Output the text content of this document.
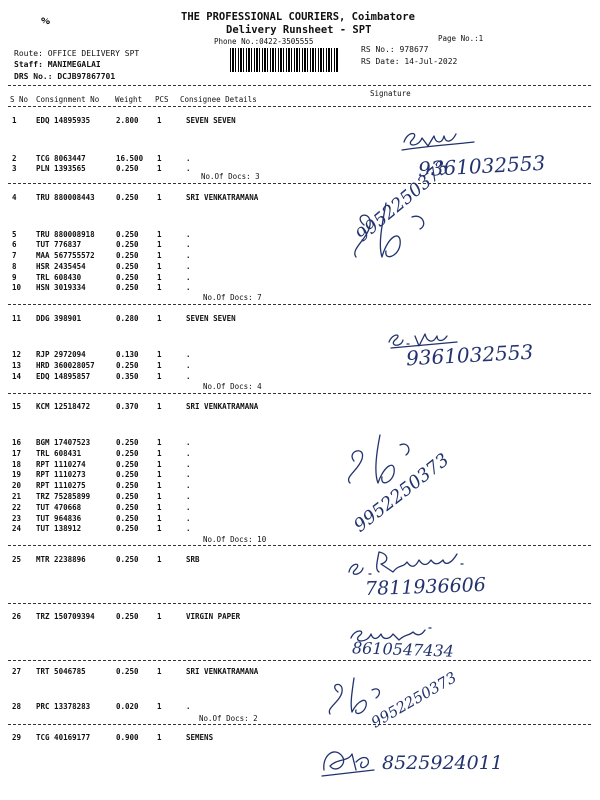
%	THE PROFESSIONAL COURIERS, Coimbatore
Delivery Runsheet - SPT
Phone No.:0422-3505555	Page No.:1
Route: OFFICE DELIVERY SPT
Staff: MANIMEGALAI
DRS No.: DCJB97867701
RS No.: 978677
RS Date: 14-Jul-2022
S No Consignment No Weight PCS Consignee Details
Signature
1	EDQ 14895935	2.800 1	SEVEN SEVEN
2	TCG 8063447	16.500 1	.
3	PLN 1393565	0.250 1	.
4	TRU 880008443	0.250 1	SRI VENKATRAMANA
5	TRU 880008918	0.250 1	.
6	TUT 776837	0.250 1	.
7	MAA 567755572	0.250 1	.
8	HSR 2435454	0.250 1	.
9	TRL 608430	0.250 1	.
10 HSN 3019334	0.250 1	.
11 DDG 398901	0.280 1	SEVEN SEVEN
12 RJP 2972094	0.130 1	.
13 HRD 360028057	0.250 1	.
14 EDQ 14895857	0.350 1	.
15 KCM 12518472	0.370 1	SRI VENKATRAMANA
16 BGM 17407523	0.250 1	.
17 TRL 608431	0.250 1	.
18 RPT 1110274	0.250 1	.
19 RPT 1110273	0.250 1	.
20 RPT 1110275	0.250 1	.
21 TRZ 75285899	0.250 1	.
22 TUT 470668	0.250 1	.
23 TUT 964836	0.250 1	.
24 TUT 138912	0.250 1	.
25 MTR 2238896	0.250 1	SRB
26 TRZ 150709394	0.250 1	VIRGIN PAPER
27 TRT 5046785	0.250 1	SRI VENKATRAMANA
28 PRC 13378283	0.020 1	.
29 TCG 40169177	0.900 1	SEMENS
No.Of Docs: 3
No.Of Docs: 7
No.Of Docs: 4
No.Of Docs: 10
No.Of Docs: 2
9361032553
9952250373
9361032553
9952250373
7811936606
8610547434
9952250373
8525924011
